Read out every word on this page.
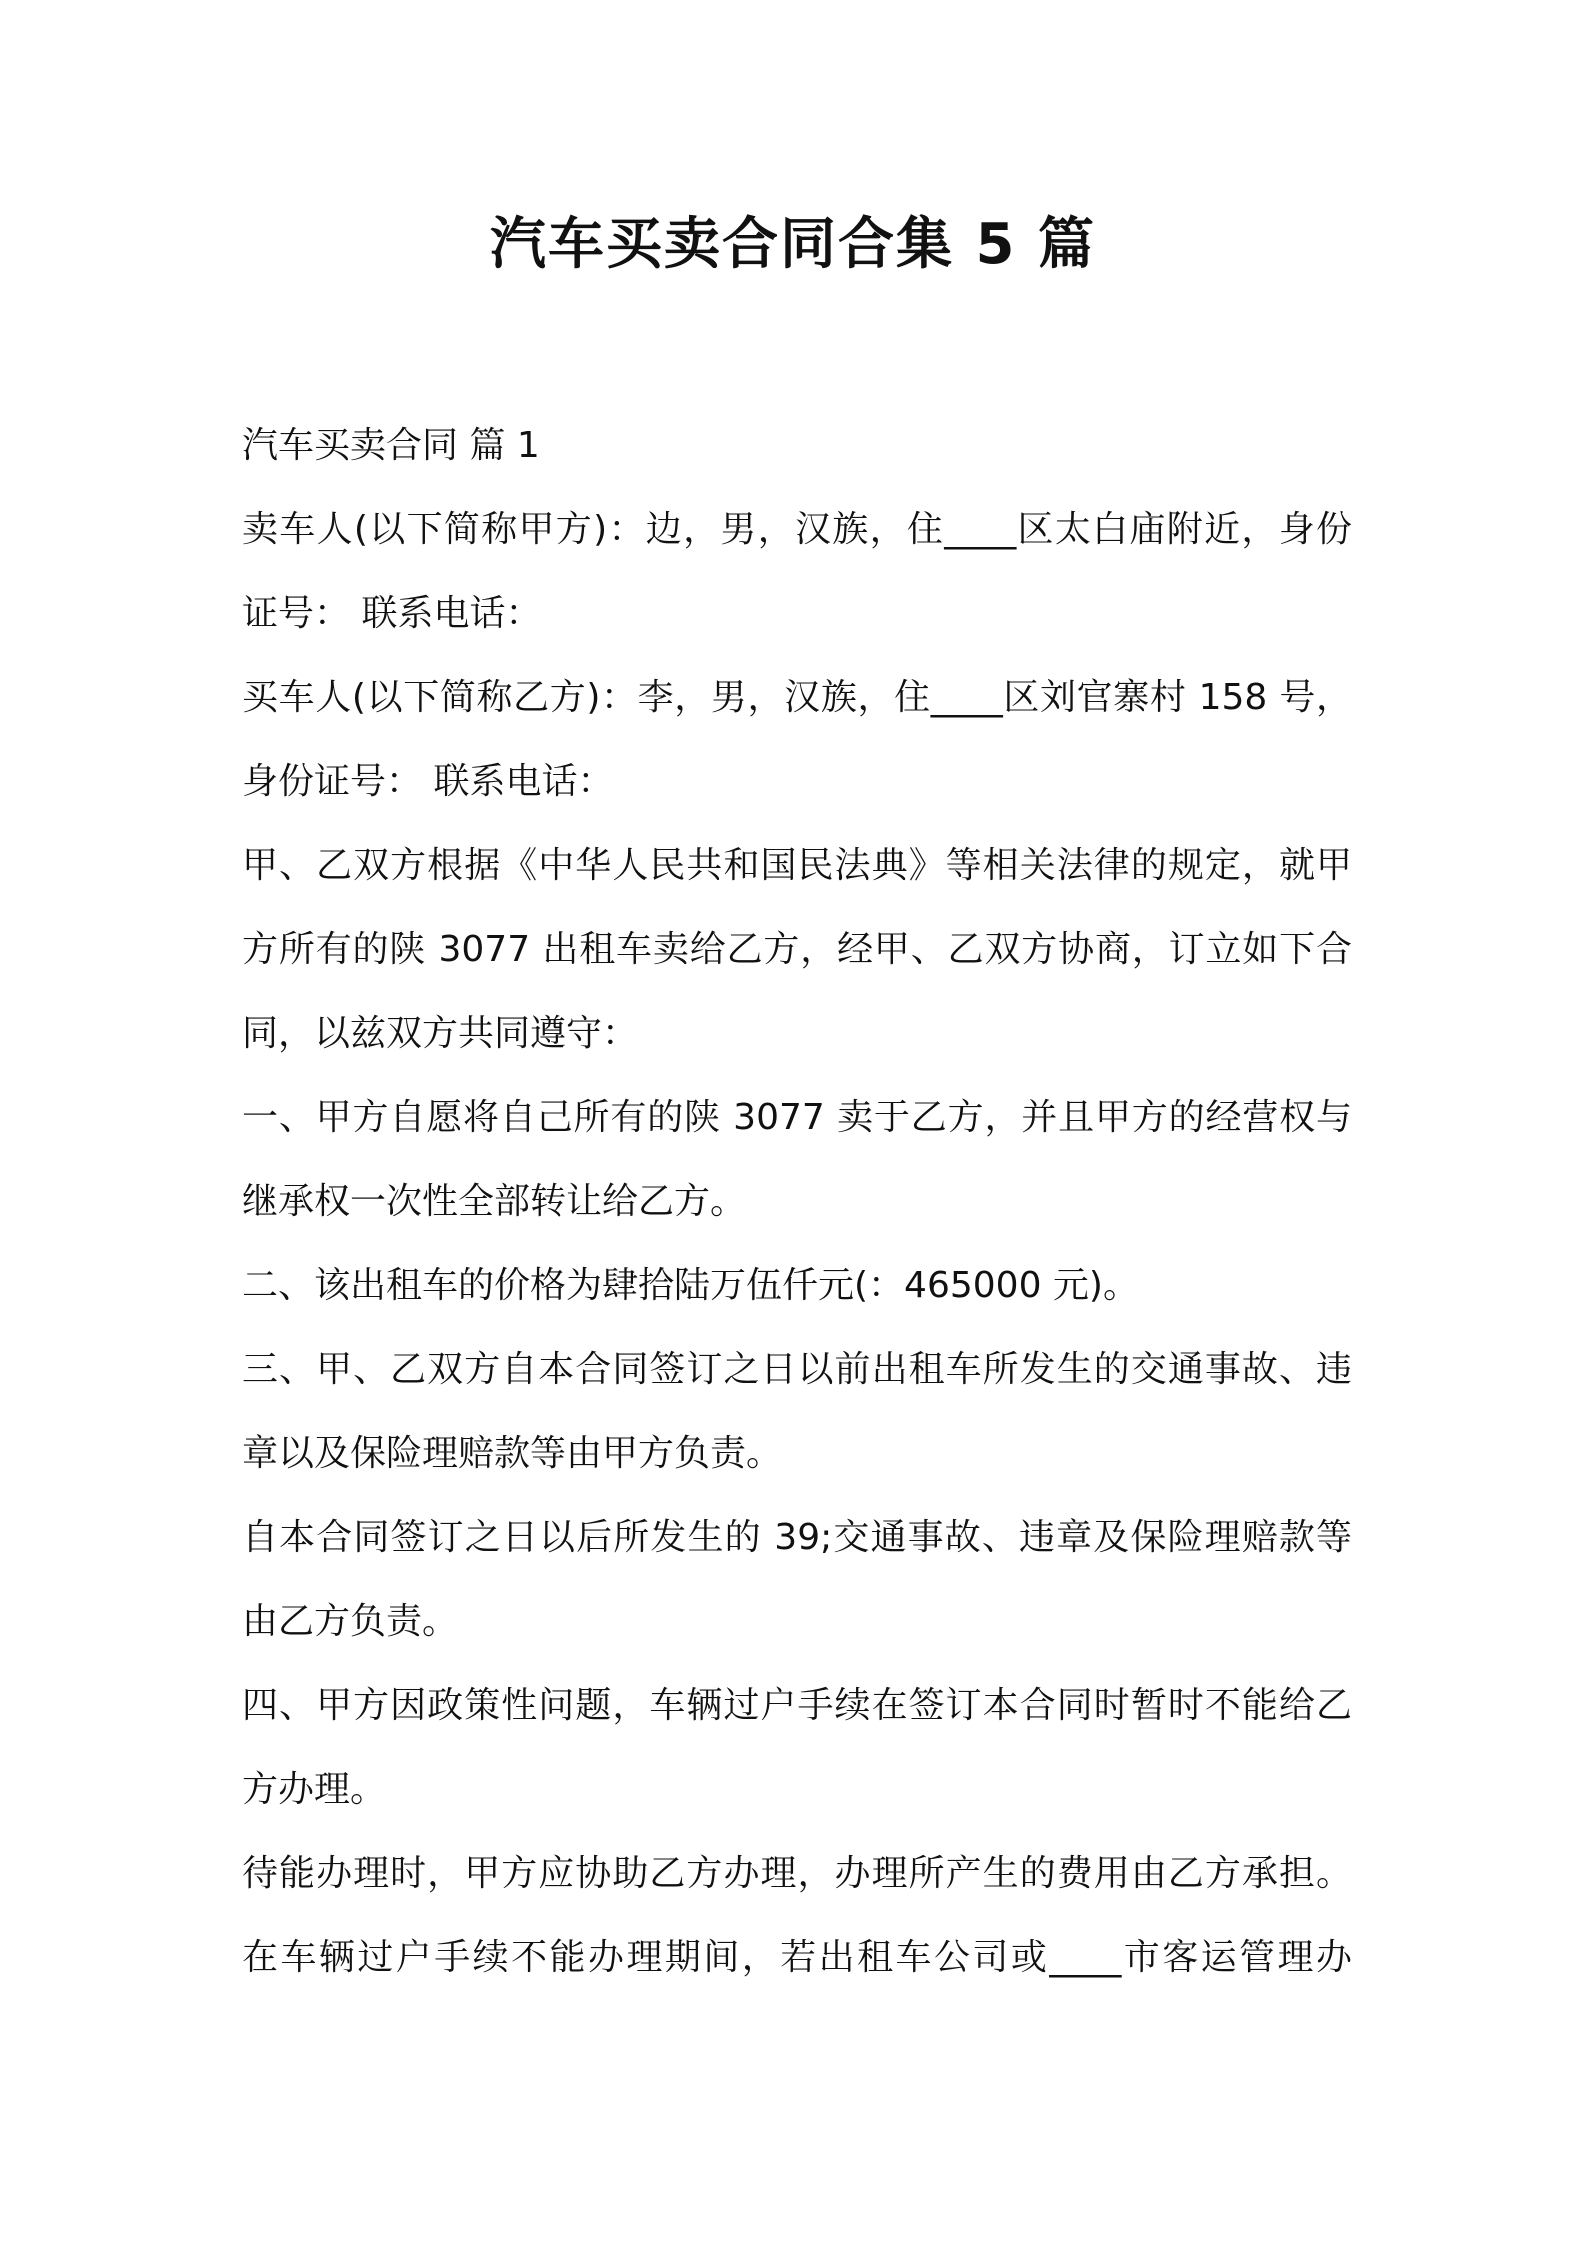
汽车买卖合同合集 5 篇
汽车买卖合同 篇 1
卖车人(以下简称甲方)：边，男，汉族，住____区太白庙附近，身份
证号： 联系电话：
买车人(以下简称乙方)：李，男，汉族，住____区刘官寨村 158 号，
身份证号： 联系电话：
甲、乙双方根据《中华人民共和国民法典》等相关法律的规定，就甲
方所有的陕 3077 出租车卖给乙方，经甲、乙双方协商，订立如下合
同，以兹双方共同遵守：
一、甲方自愿将自己所有的陕 3077 卖于乙方，并且甲方的经营权与
继承权一次性全部转让给乙方。
二、该出租车的价格为肆拾陆万伍仟元(：465000 元)。
三、甲、乙双方自本合同签订之日以前出租车所发生的交通事故、违
章以及保险理赔款等由甲方负责。
自本合同签订之日以后所发生的 39;交通事故、违章及保险理赔款等
由乙方负责。
四、甲方因政策性问题，车辆过户手续在签订本合同时暂时不能给乙
方办理。
待能办理时，甲方应协助乙方办理，办理所产生的费用由乙方承担。
在车辆过户手续不能办理期间，若出租车公司或____市客运管理办
